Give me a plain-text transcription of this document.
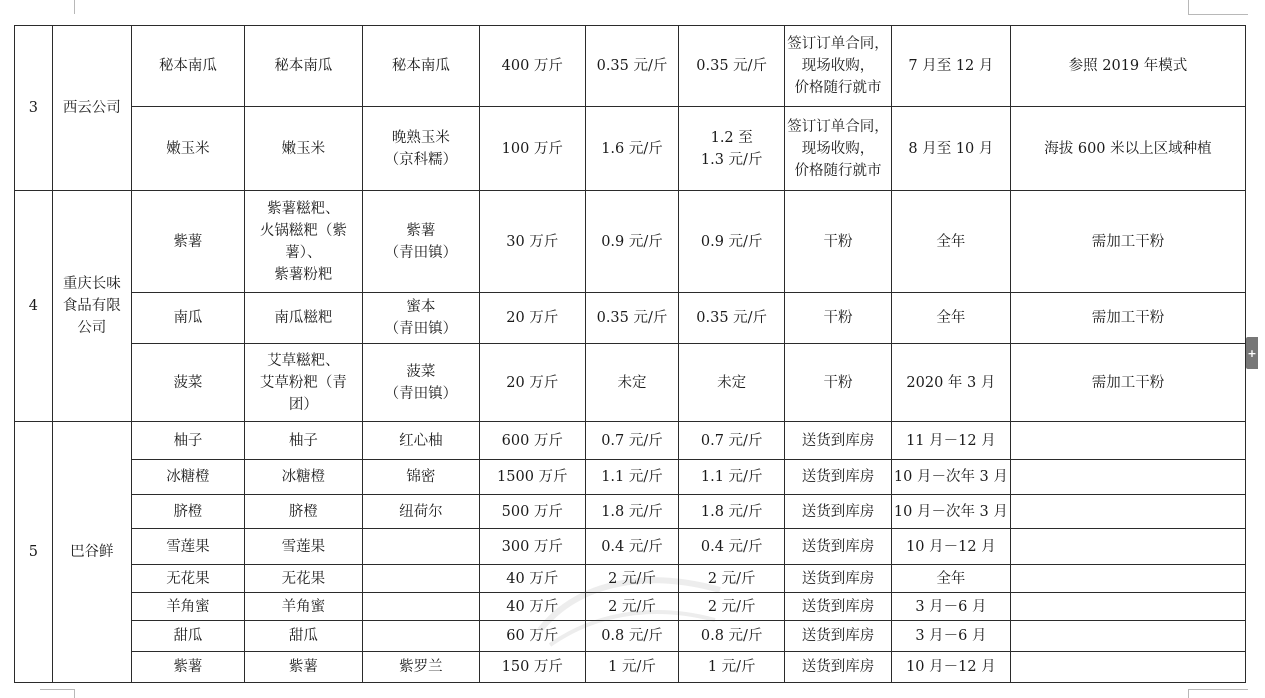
3	西云公司	秘本南瓜	秘本南瓜	秘本南瓜	400 万斤	0.35 元/斤	0.35 元/斤	签订订单合同，
现场收购，
价格随行就市	7 月至 12 月	参照 2019 年模式

		嫩玉米	嫩玉米	晚熟玉米
（京科糯）	100 万斤	1.6 元/斤	1.2 至
1.3 元/斤	签订订单合同，
现场收购，
价格随行就市	8 月至 10 月	海拔 600 米以上区域种植

4	重庆长味
食品有限
公司	紫薯	紫薯糍粑、
火锅糍粑（紫
薯）、
紫薯粉粑	紫薯
（青田镇）	30 万斤	0.9 元/斤	0.9 元/斤	干粉	全年	需加工干粉

		南瓜	南瓜糍粑	蜜本
（青田镇）	20 万斤	0.35 元/斤	0.35 元/斤	干粉	全年	需加工干粉

		菠菜	艾草糍粑、
艾草粉粑（青
团）	菠菜
（青田镇）	20 万斤	未定	未定	干粉	2020 年 3 月	需加工干粉

5	巴谷鲜	柚子	柚子	红心柚	600 万斤	0.7 元/斤	0.7 元/斤	送货到库房	11 月－12 月	

		冰糖橙	冰糖橙	锦密	1500 万斤	1.1 元/斤	1.1 元/斤	送货到库房	10 月－次年 3 月	

		脐橙	脐橙	纽荷尔	500 万斤	1.8 元/斤	1.8 元/斤	送货到库房	10 月－次年 3 月	

		雪莲果	雪莲果		300 万斤	0.4 元/斤	0.4 元/斤	送货到库房	10 月－12 月	

		无花果	无花果		40 万斤	2 元/斤	2 元/斤	送货到库房	全年	

		羊角蜜	羊角蜜		40 万斤	2 元/斤	2 元/斤	送货到库房	3 月－6 月	

		甜瓜	甜瓜		60 万斤	0.8 元/斤	0.8 元/斤	送货到库房	3 月－6 月	

		紫薯	紫薯	紫罗兰	150 万斤	1 元/斤	1 元/斤	送货到库房	10 月－12 月	

+
